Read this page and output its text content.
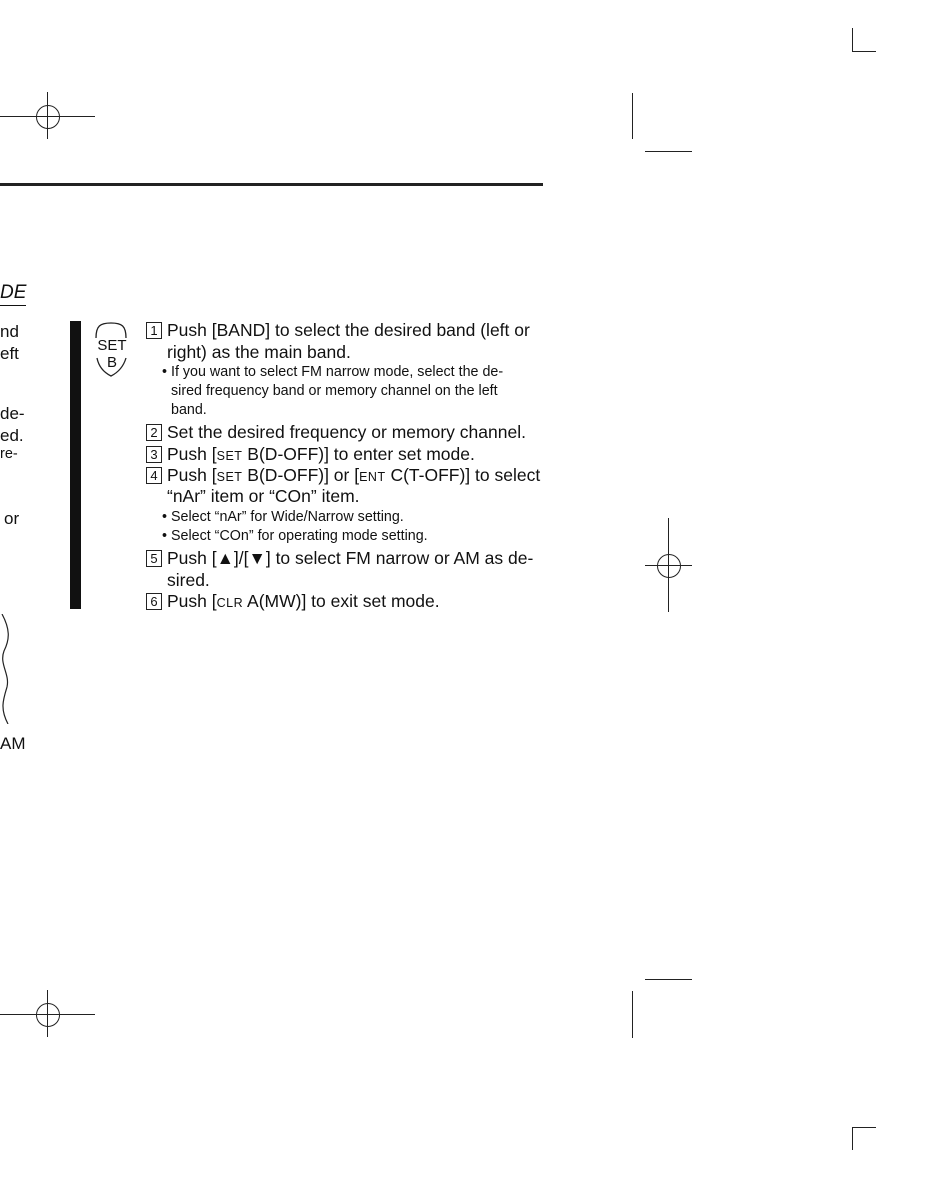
DE
nd
eft
de-
ed.
re-
or
AM
SET
B
1 Push [BAND] to select the desired band (left or
right) as the main band.
• If you want to select FM narrow mode, select the de-
sired frequency band or memory channel on the left
band.
2 Set the desired frequency or memory channel.
3 Push [SET B(D-OFF)] to enter set mode.
4 Push [SET B(D-OFF)] or [ENT C(T-OFF)] to select
“nAr” item or “COn” item.
• Select “nAr” for Wide/Narrow setting.
• Select “COn” for operating mode setting.
5 Push [▲]/[▼] to select FM narrow or AM as de-
sired.
6 Push [CLR A(MW)] to exit set mode.
